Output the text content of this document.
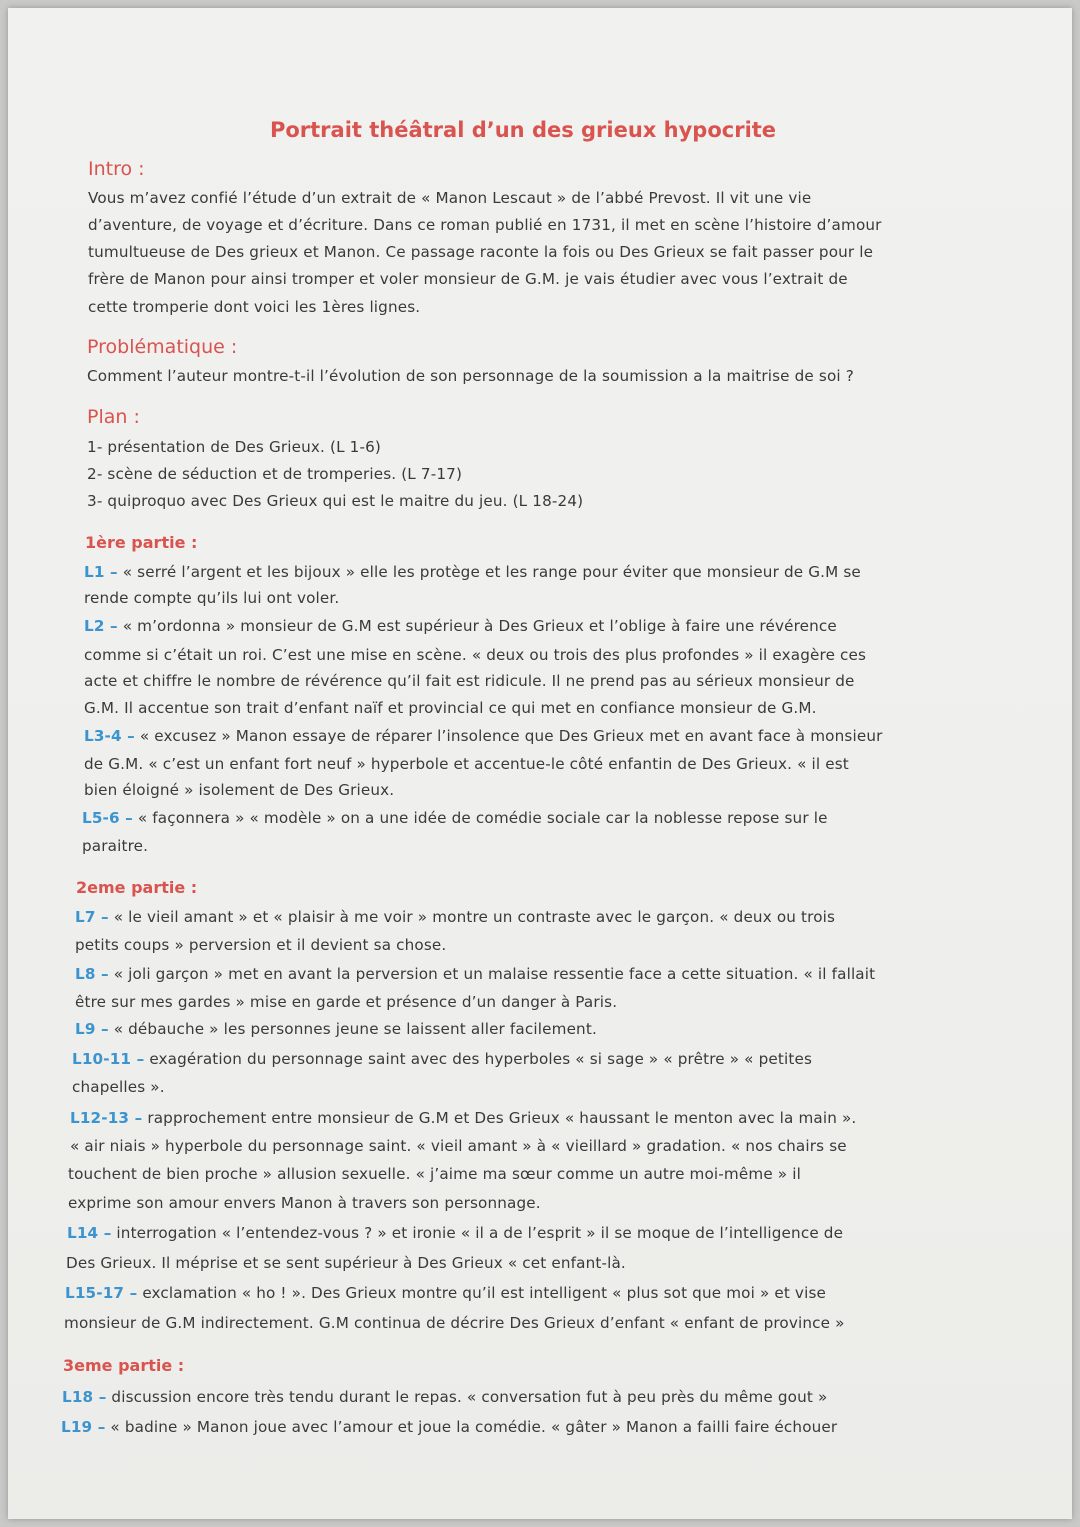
Portrait théâtral d’un des grieux hypocrite
Intro :
Vous m’avez confié l’étude d’un extrait de « Manon Lescaut » de l’abbé Prevost. Il vit une vie
d’aventure, de voyage et d’écriture. Dans ce roman publié en 1731, il met en scène l’histoire d’amour
tumultueuse de Des grieux et Manon. Ce passage raconte la fois ou Des Grieux se fait passer pour le
frère de Manon pour ainsi tromper et voler monsieur de G.M. je vais étudier avec vous l’extrait de
cette tromperie dont voici les 1ères lignes.
Problématique :
Comment l’auteur montre-t-il l’évolution de son personnage de la soumission a la maitrise de soi ?
Plan :
1- présentation de Des Grieux. (L 1-6)
2- scène de séduction et de tromperies. (L 7-17)
3- quiproquo avec Des Grieux qui est le maitre du jeu. (L 18-24)
1ère partie :
L1 – « serré l’argent et les bijoux » elle les protège et les range pour éviter que monsieur de G.M se
rende compte qu’ils lui ont voler.
L2 – « m’ordonna » monsieur de G.M est supérieur à Des Grieux et l’oblige à faire une révérence
comme si c’était un roi. C’est une mise en scène. « deux ou trois des plus profondes » il exagère ces
acte et chiffre le nombre de révérence qu’il fait est ridicule. Il ne prend pas au sérieux monsieur de
G.M. Il accentue son trait d’enfant naïf et provincial ce qui met en confiance monsieur de G.M.
L3-4 – « excusez » Manon essaye de réparer l’insolence que Des Grieux met en avant face à monsieur
de G.M. « c’est un enfant fort neuf » hyperbole et accentue-le côté enfantin de Des Grieux. « il est
bien éloigné » isolement de Des Grieux.
L5-6 – « façonnera » « modèle » on a une idée de comédie sociale car la noblesse repose sur le
paraitre.
2eme partie :
L7 – « le vieil amant » et « plaisir à me voir » montre un contraste avec le garçon. « deux ou trois
petits coups » perversion et il devient sa chose.
L8 – « joli garçon » met en avant la perversion et un malaise ressentie face a cette situation. « il fallait
être sur mes gardes » mise en garde et présence d’un danger à Paris.
L9 – « débauche » les personnes jeune se laissent aller facilement.
L10-11 – exagération du personnage saint avec des hyperboles « si sage » « prêtre » « petites
chapelles ».
L12-13 – rapprochement entre monsieur de G.M et Des Grieux « haussant le menton avec la main ».
« air niais » hyperbole du personnage saint. « vieil amant » à « vieillard » gradation. « nos chairs se
touchent de bien proche » allusion sexuelle. « j’aime ma sœur comme un autre moi-même » il
exprime son amour envers Manon à travers son personnage.
L14 – interrogation « l’entendez-vous ? » et ironie « il a de l’esprit » il se moque de l’intelligence de
Des Grieux. Il méprise et se sent supérieur à Des Grieux « cet enfant-là.
L15-17 – exclamation « ho ! ». Des Grieux montre qu’il est intelligent « plus sot que moi » et vise
monsieur de G.M indirectement. G.M continua de décrire Des Grieux d’enfant « enfant de province »
3eme partie :
L18 – discussion encore très tendu durant le repas. « conversation fut à peu près du même gout »
L19 – « badine » Manon joue avec l’amour et joue la comédie. « gâter » Manon a failli faire échouer
